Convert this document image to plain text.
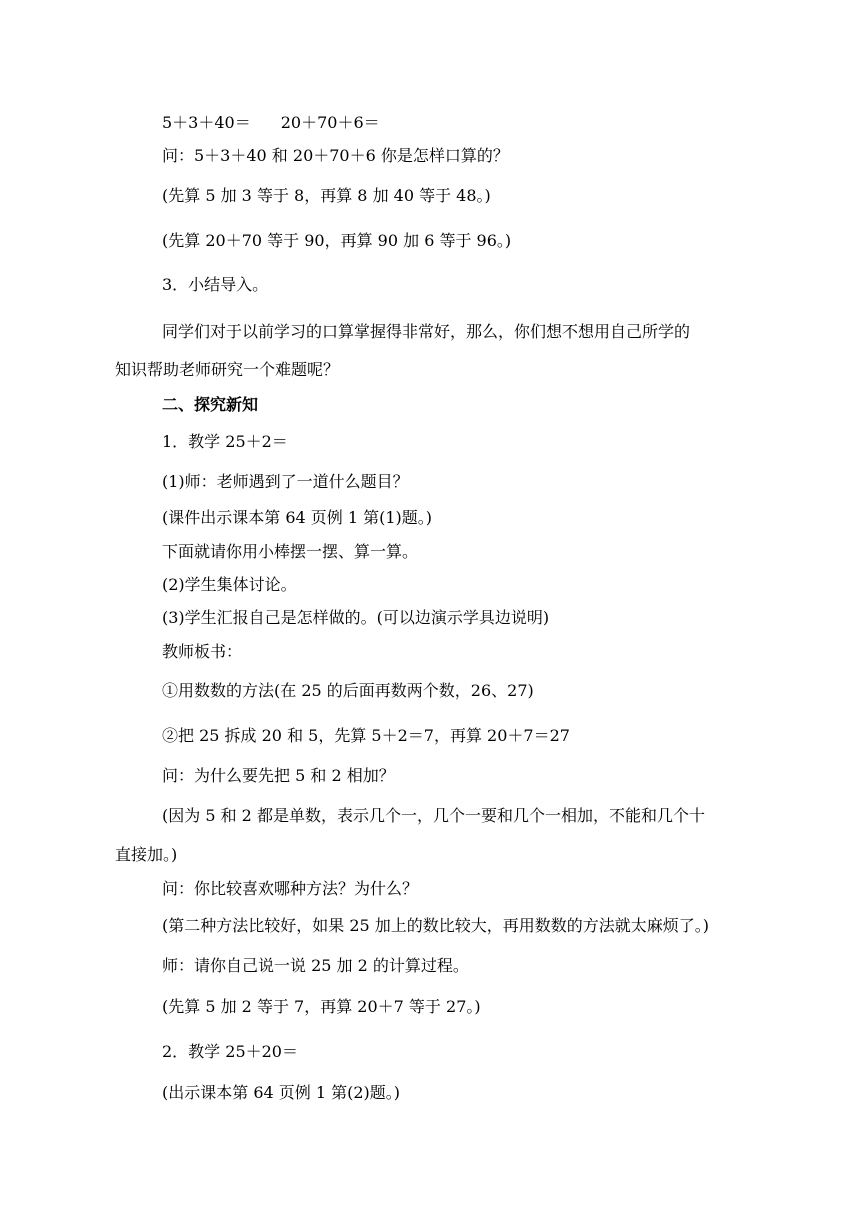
5＋3＋40＝ 20＋70＋6＝
问：5＋3＋40 和 20＋70＋6 你是怎样口算的？
(先算 5 加 3 等于 8，再算 8 加 40 等于 48。)
(先算 20＋70 等于 90，再算 90 加 6 等于 96。)
3．小结导入。
同学们对于以前学习的口算掌握得非常好，那么，你们想不想用自己所学的
知识帮助老师研究一个难题呢？
二、探究新知
1．教学 25＋2＝
(1)师：老师遇到了一道什么题目？
(课件出示课本第 64 页例 1 第(1)题。)
下面就请你用小棒摆一摆、算一算。
(2)学生集体讨论。
(3)学生汇报自己是怎样做的。(可以边演示学具边说明)
教师板书：
①用数数的方法(在 25 的后面再数两个数，26、27)
②把 25 拆成 20 和 5，先算 5＋2＝7，再算 20＋7＝27
问：为什么要先把 5 和 2 相加？
(因为 5 和 2 都是单数，表示几个一，几个一要和几个一相加，不能和几个十
直接加。)
问：你比较喜欢哪种方法？为什么？
(第二种方法比较好，如果 25 加上的数比较大，再用数数的方法就太麻烦了。)
师：请你自己说一说 25 加 2 的计算过程。
(先算 5 加 2 等于 7，再算 20＋7 等于 27。)
2．教学 25＋20＝
(出示课本第 64 页例 1 第(2)题。)
